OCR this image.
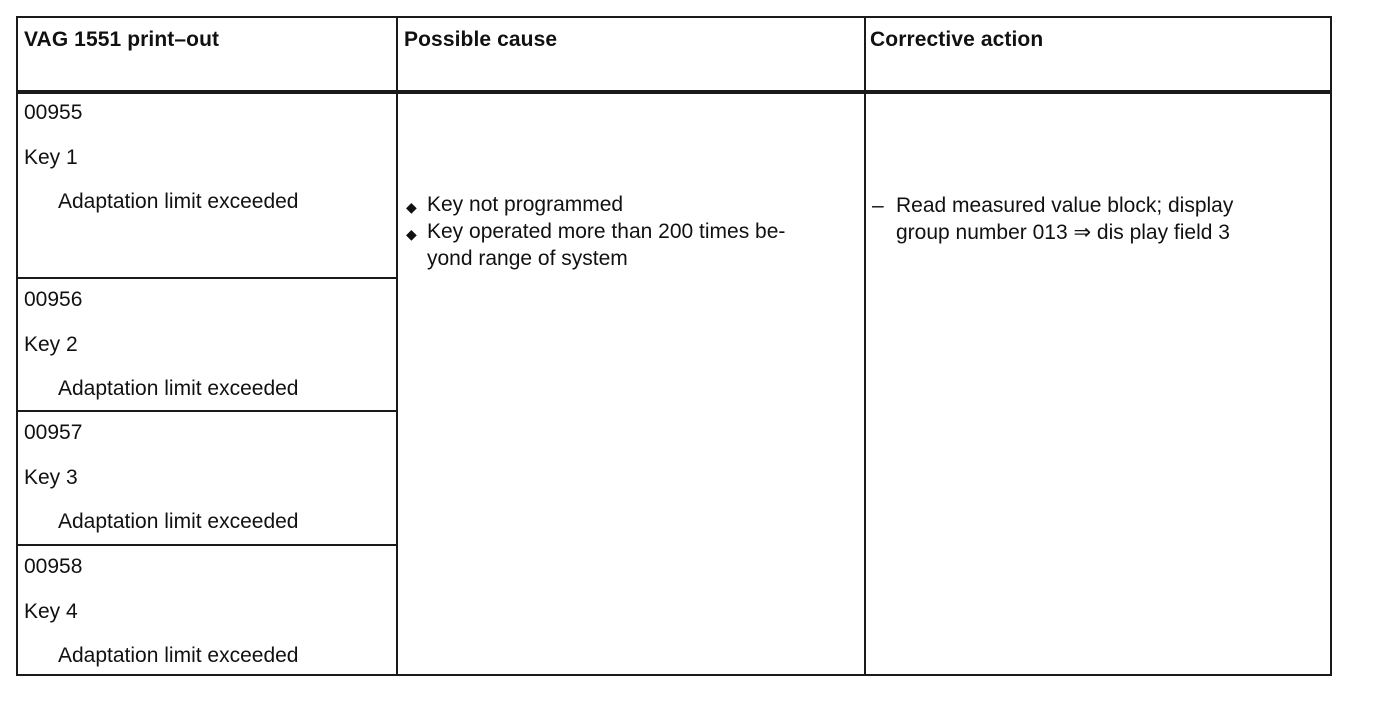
VAG 1551 print–out	Possible cause	Corrective action
00955
Key 1
Adaptation limit exceeded
00956
Key 2
Adaptation limit exceeded
00957
Key 3
Adaptation limit exceeded
00958
Key 4
Adaptation limit exceeded
◆ Key not programmed
◆ Key operated more than 200 times be-
yond range of system
– Read measured value block; display
group number 013 ⇒ dis play field 3
